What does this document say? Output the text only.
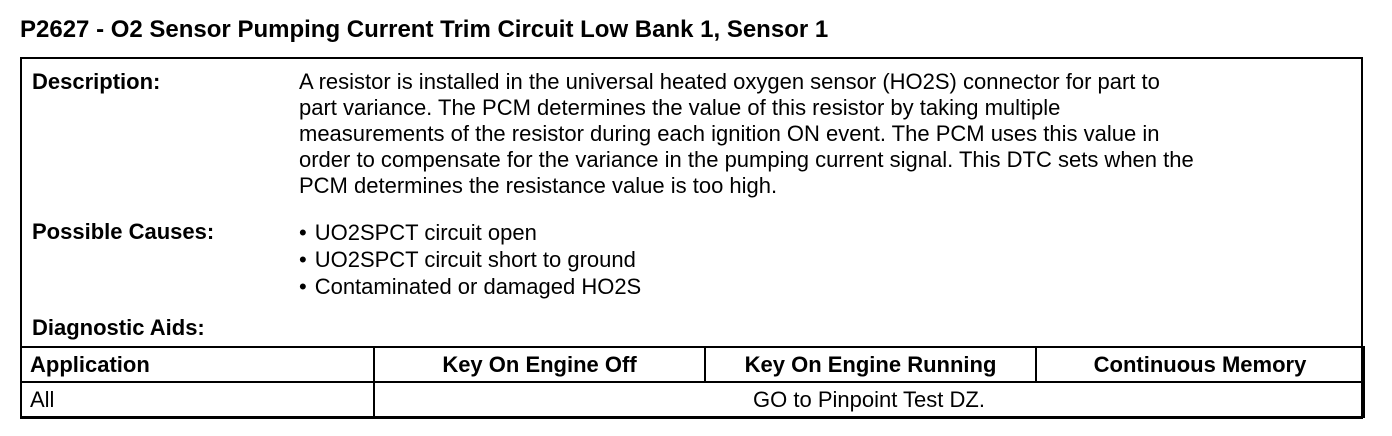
P2627 - O2 Sensor Pumping Current Trim Circuit Low Bank 1, Sensor 1
Description:	A resistor is installed in the universal heated oxygen sensor (HO2S) connector for part to
part variance. The PCM determines the value of this resistor by taking multiple
measurements of the resistor during each ignition ON event. The PCM uses this value in
order to compensate for the variance in the pumping current signal. This DTC sets when the
PCM determines the resistance value is too high.
Possible Causes:	• UO2SPCT circuit open
• UO2SPCT circuit short to ground
• Contaminated or damaged HO2S
Diagnostic Aids:
Application	Key On Engine Off	Key On Engine Running	Continuous Memory
All	GO to Pinpoint Test DZ.		
